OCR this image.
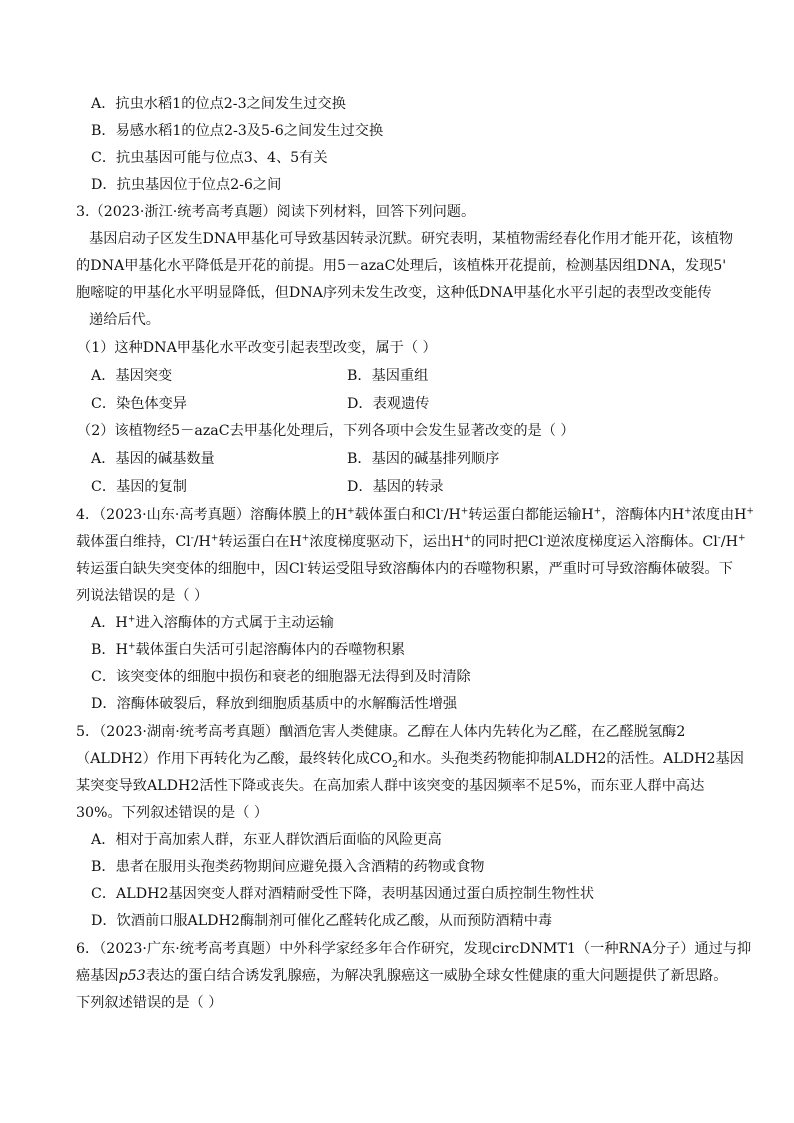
A．抗虫水稻1的位点2-3之间发生过交换
B．易感水稻1的位点2-3及5-6之间发生过交换
C．抗虫基因可能与位点3、4、5有关
D．抗虫基因位于位点2-6之间
3.（2023·浙江·统考高考真题）阅读下列材料，回答下列问题。
基因启动子区发生DNA甲基化可导致基因转录沉默。研究表明，某植物需经春化作用才能开花，该植物
的DNA甲基化水平降低是开花的前提。用5－azaC处理后，该植株开花提前，检测基因组DNA，发现5'
胞嘧啶的甲基化水平明显降低，但DNA序列未发生改变，这种低DNA甲基化水平引起的表型改变能传
递给后代。
（1）这种DNA甲基化水平改变引起表型改变，属于（ ）
A．基因突变	B．基因重组
C．染色体变异	D．表观遗传
（2）该植物经5－azaC去甲基化处理后，下列各项中会发生显著改变的是（ ）
A．基因的碱基数量	B．基因的碱基排列顺序
C．基因的复制	D．基因的转录
4．（2023·山东·高考真题）溶酶体膜上的H+载体蛋白和Cl-/H+转运蛋白都能运输H+，溶酶体内H+浓度由H+
载体蛋白维持，Cl-/H+转运蛋白在H+浓度梯度驱动下，运出H+的同时把Cl-逆浓度梯度运入溶酶体。Cl-/H+
转运蛋白缺失突变体的细胞中，因Cl-转运受阻导致溶酶体内的吞噬物积累，严重时可导致溶酶体破裂。下
列说法错误的是（ ）
A．H+进入溶酶体的方式属于主动运输
B．H+载体蛋白失活可引起溶酶体内的吞噬物积累
C．该突变体的细胞中损伤和衰老的细胞器无法得到及时清除
D．溶酶体破裂后，释放到细胞质基质中的水解酶活性增强
5．（2023·湖南·统考高考真题）酗酒危害人类健康。乙醇在人体内先转化为乙醛，在乙醛脱氢酶2
（ALDH2）作用下再转化为乙酸，最终转化成$CO_2$和水。头孢类药物能抑制ALDH2的活性。ALDH2基因
某突变导致ALDH2活性下降或丧失。在高加索人群中该突变的基因频率不足5%，而东亚人群中高达
30%。下列叙述错误的是（ ）
A．相对于高加索人群，东亚人群饮酒后面临的风险更高
B．患者在服用头孢类药物期间应避免摄入含酒精的药物或食物
C．ALDH2基因突变人群对酒精耐受性下降，表明基因通过蛋白质控制生物性状
D．饮酒前口服ALDH2酶制剂可催化乙醛转化成乙酸，从而预防酒精中毒
6．（2023·广东·统考高考真题）中外科学家经多年合作研究，发现circDNMT1（一种RNA分子）通过与抑
癌基因p53表达的蛋白结合诱发乳腺癌，为解决乳腺癌这一威胁全球女性健康的重大问题提供了新思路。
下列叙述错误的是（ ）
